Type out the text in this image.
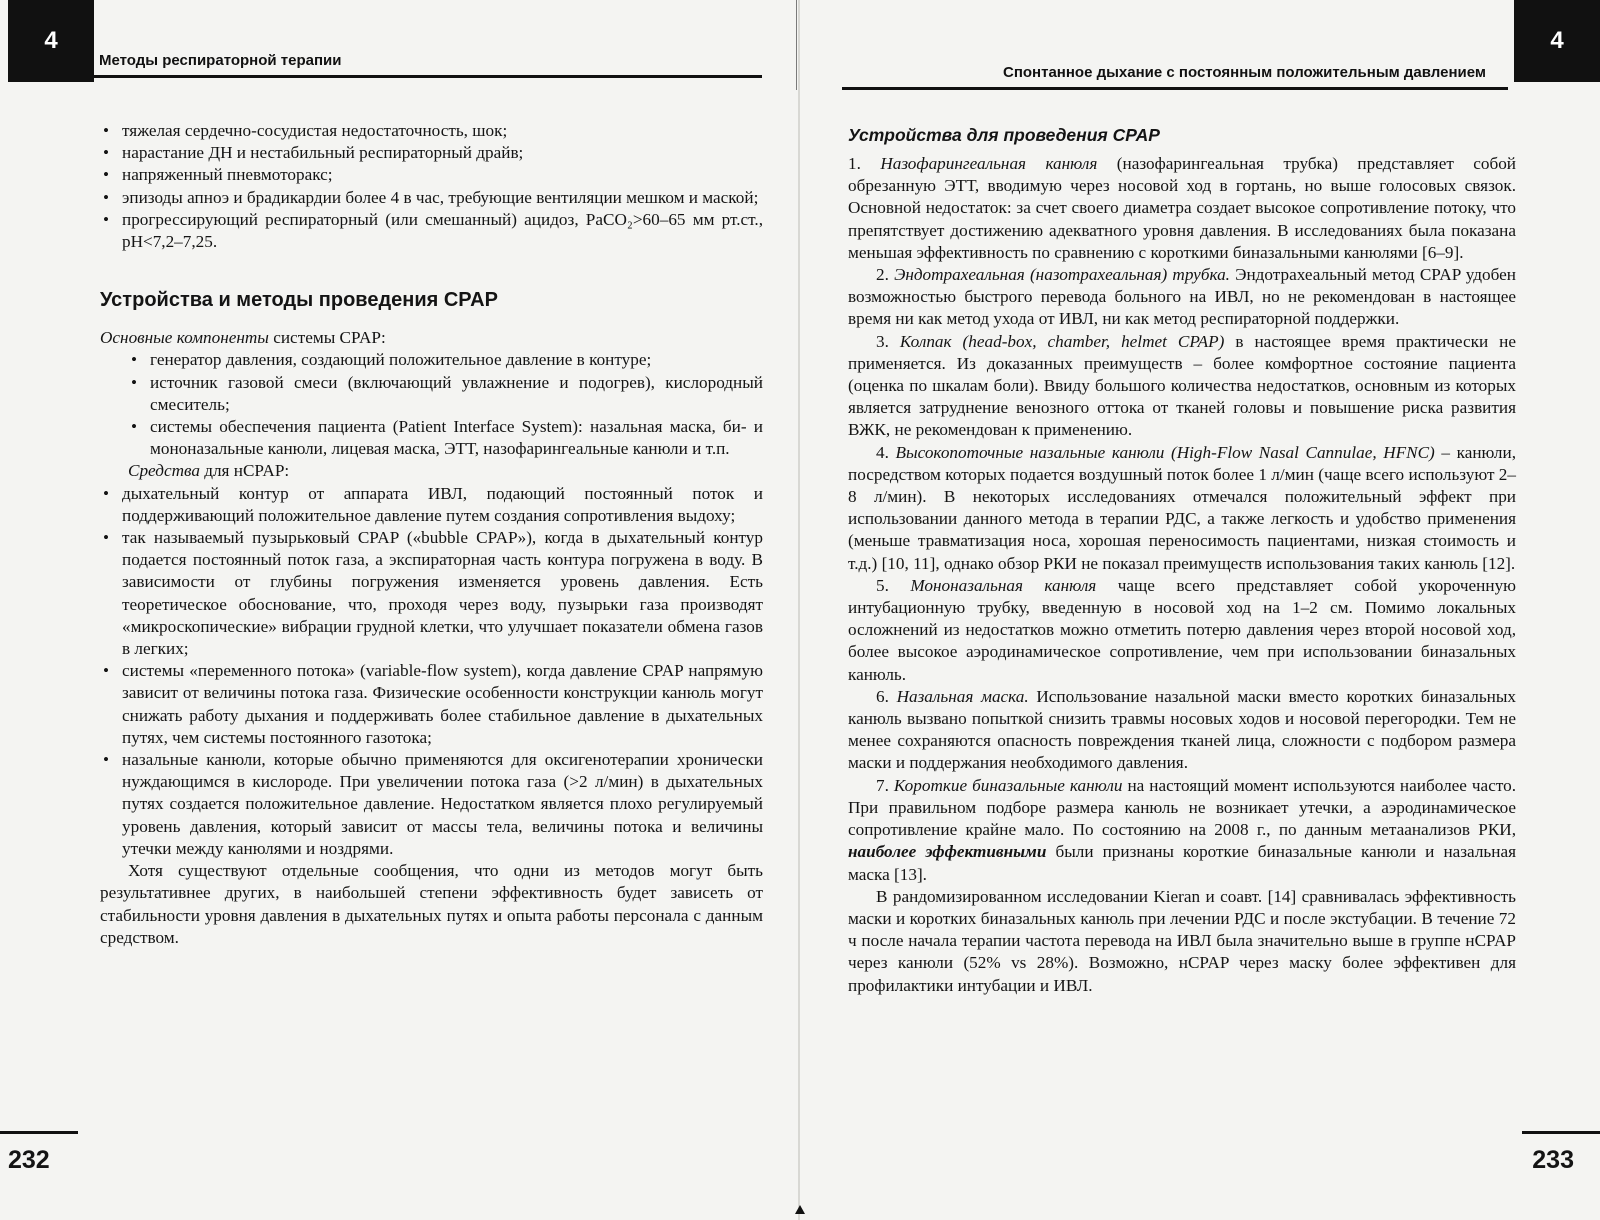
4
Методы респираторной терапии
• тяжелая сердечно-сосудистая недостаточность, шок;
• нарастание ДН и нестабильный респираторный драйв;
• напряженный пневмоторакс;
• эпизоды апноэ и брадикардии более 4 в час, требующие вентиляции мешком и маской;
• прогрессирующий респираторный (или смешанный) ацидоз, PaCO₂>60–65 мм рт.ст., pH<7,2–7,25.
Устройства и методы проведения CPAP

Основные компоненты системы CPAP:

• генератор давления, создающий положительное давление в контуре;
• источник газовой смеси (включающий увлажнение и подогрев), кислородный смеситель;
• системы обеспечения пациента (Patient Interface System): назальная маска, би- и мононазальные канюли, лицевая маска, ЭТТ, назофарингеальные канюли и т.п.

Средства для нCPAP:

• дыхательный контур от аппарата ИВЛ, подающий постоянный поток и поддерживающий положительное давление путем создания сопротивления выдоху;
• так называемый пузырьковый CPAP («bubble CPAP»), когда в дыхательный контур подается постоянный поток газа, а экспираторная часть контура погружена в воду. В зависимости от глубины погружения изменяется уровень давления. Есть теоретическое обоснование, что, проходя через воду, пузырьки газа производят «микроскопические» вибрации грудной клетки, что улучшает показатели обмена газов в легких;
• системы «переменного потока» (variable-flow system), когда давление CPAP напрямую зависит от величины потока газа. Физические особенности конструкции канюль могут снижать работу дыхания и поддерживать более стабильное давление в дыхательных путях, чем системы постоянного газотока;
• назальные канюли, которые обычно применяются для оксигенотерапии хронически нуждающимся в кислороде. При увеличении потока газа (>2 л/мин) в дыхательных путях создается положительное давление. Недостатком является плохо регулируемый уровень давления, который зависит от массы тела, величины потока и величины утечки между канюлями и ноздрями.

Хотя существуют отдельные сообщения, что одни из методов могут быть результативнее других, в наибольшей степени эффективность будет зависеть от стабильности уровня давления в дыхательных путях и опыта работы персонала с данным средством.

232
4
Спонтанное дыхание с постоянным положительным давлением
Устройства для проведения CPAP

1. Назофарингеальная канюля (назофарингеальная трубка) представляет собой обрезанную ЭТТ, вводимую через носовой ход в гортань, но выше голосовых связок. Основной недостаток: за счет своего диаметра создает высокое сопротивление потоку, что препятствует достижению адекватного уровня давления. В исследованиях была показана меньшая эффективность по сравнению с короткими биназальными канюлями [6–9].

2. Эндотрахеальная (назотрахеальная) трубка. Эндотрахеальный метод CPAP удобен возможностью быстрого перевода больного на ИВЛ, но не рекомендован в настоящее время ни как метод ухода от ИВЛ, ни как метод респираторной поддержки.

3. Колпак (head-box, chamber, helmet CPAP) в настоящее время практически не применяется. Из доказанных преимуществ – более комфортное состояние пациента (оценка по шкалам боли). Ввиду большого количества недостатков, основным из которых является затруднение венозного оттока от тканей головы и повышение риска развития ВЖК, не рекомендован к применению.

4. Высокопоточные назальные канюли (High-Flow Nasal Cannulae, HFNC) – канюли, посредством которых подается воздушный поток более 1 л/мин (чаще всего используют 2–8 л/мин). В некоторых исследованиях отмечался положительный эффект при использовании данного метода в терапии РДС, а также легкость и удобство применения (меньше травматизация носа, хорошая переносимость пациентами, низкая стоимость и т.д.) [10, 11], однако обзор РКИ не показал преимуществ использования таких канюль [12].

5. Мононазальная канюля чаще всего представляет собой укороченную интубационную трубку, введенную в носовой ход на 1–2 см. Помимо локальных осложнений из недостатков можно отметить потерю давления через второй носовой ход, более высокое аэродинамическое сопротивление, чем при использовании биназальных канюль.

6. Назальная маска. Использование назальной маски вместо коротких биназальных канюль вызвано попыткой снизить травмы носовых ходов и носовой перегородки. Тем не менее сохраняются опасность повреждения тканей лица, сложности с подбором размера маски и поддержания необходимого давления.

7. Короткие биназальные канюли на настоящий момент используются наиболее часто. При правильном подборе размера канюль не возникает утечки, а аэродинамическое сопротивление крайне мало. По состоянию на 2008 г., по данным метаанализов РКИ, наиболее эффективными были признаны короткие биназальные канюли и назальная маска [13].

В рандомизированном исследовании Kieran и соавт. [14] сравнивалась эффективность маски и коротких биназальных канюль при лечении РДС и после экстубации. В течение 72 ч после начала терапии частота перевода на ИВЛ была значительно выше в группе нCPAP через канюли (52% vs 28%). Возможно, нCPAP через маску более эффективен для профилактики интубации и ИВЛ.

233
